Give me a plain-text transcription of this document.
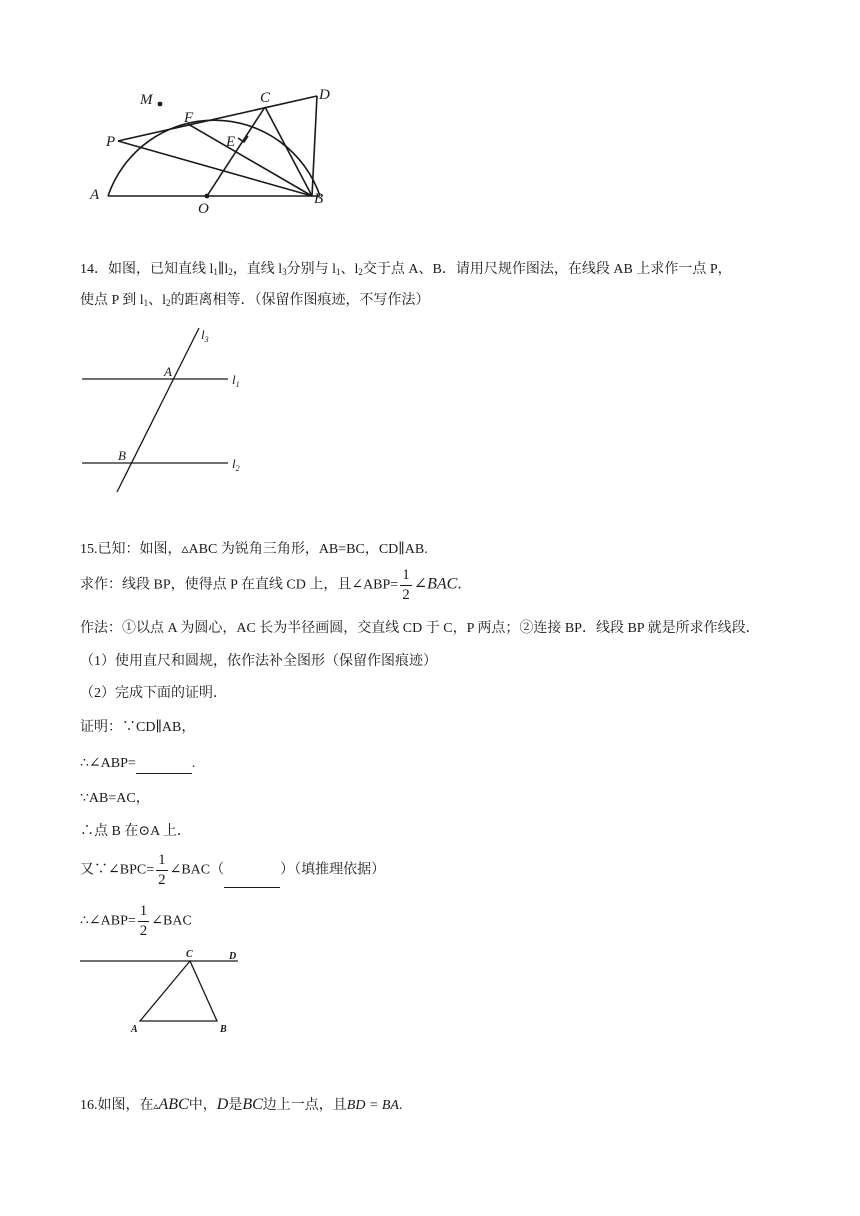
M	C	D
F
E
P
A
O
B
14．如图，已知直线 $l_1\parallel l_2$，直线 $l_3$分别与 $l_1$、$l_2$交于点 A、B．请用尺规作图法，在线段 AB 上求作一点 P，
使点 P 到 $l_1$、$l_2$的距离相等．（保留作图痕迹，不写作法）
$l_3$
$l_1$
$l_2$
A
B
15.已知：如图，▵ABC 为锐角三角形，AB=BC，CD∥AB.
求作：线段 BP，使得点 P 在直线 CD 上，且∠ABP= $\frac{1}{2}$ ∠BAC．
作法：①以点 A 为圆心，AC 长为半径画圆，交直线 CD 于 C，P 两点；②连接 BP．线段 BP 就是所求作线段．
（1）使用直尺和圆规，依作法补全图形（保留作图痕迹）
（2）完成下面的证明．
证明：∵CD∥AB，
∴∠ABP=	.
∵AB=AC，
∴点 B 在⊙A 上．
又∵∠BPC= $\frac{1}{2}$ ∠BAC（	）（填推理依据）
∴∠ABP= $\frac{1}{2}$ ∠BAC
C	D
A	B
16.如图，在▵ABC中，D是BC边上一点，且BD = BA.
